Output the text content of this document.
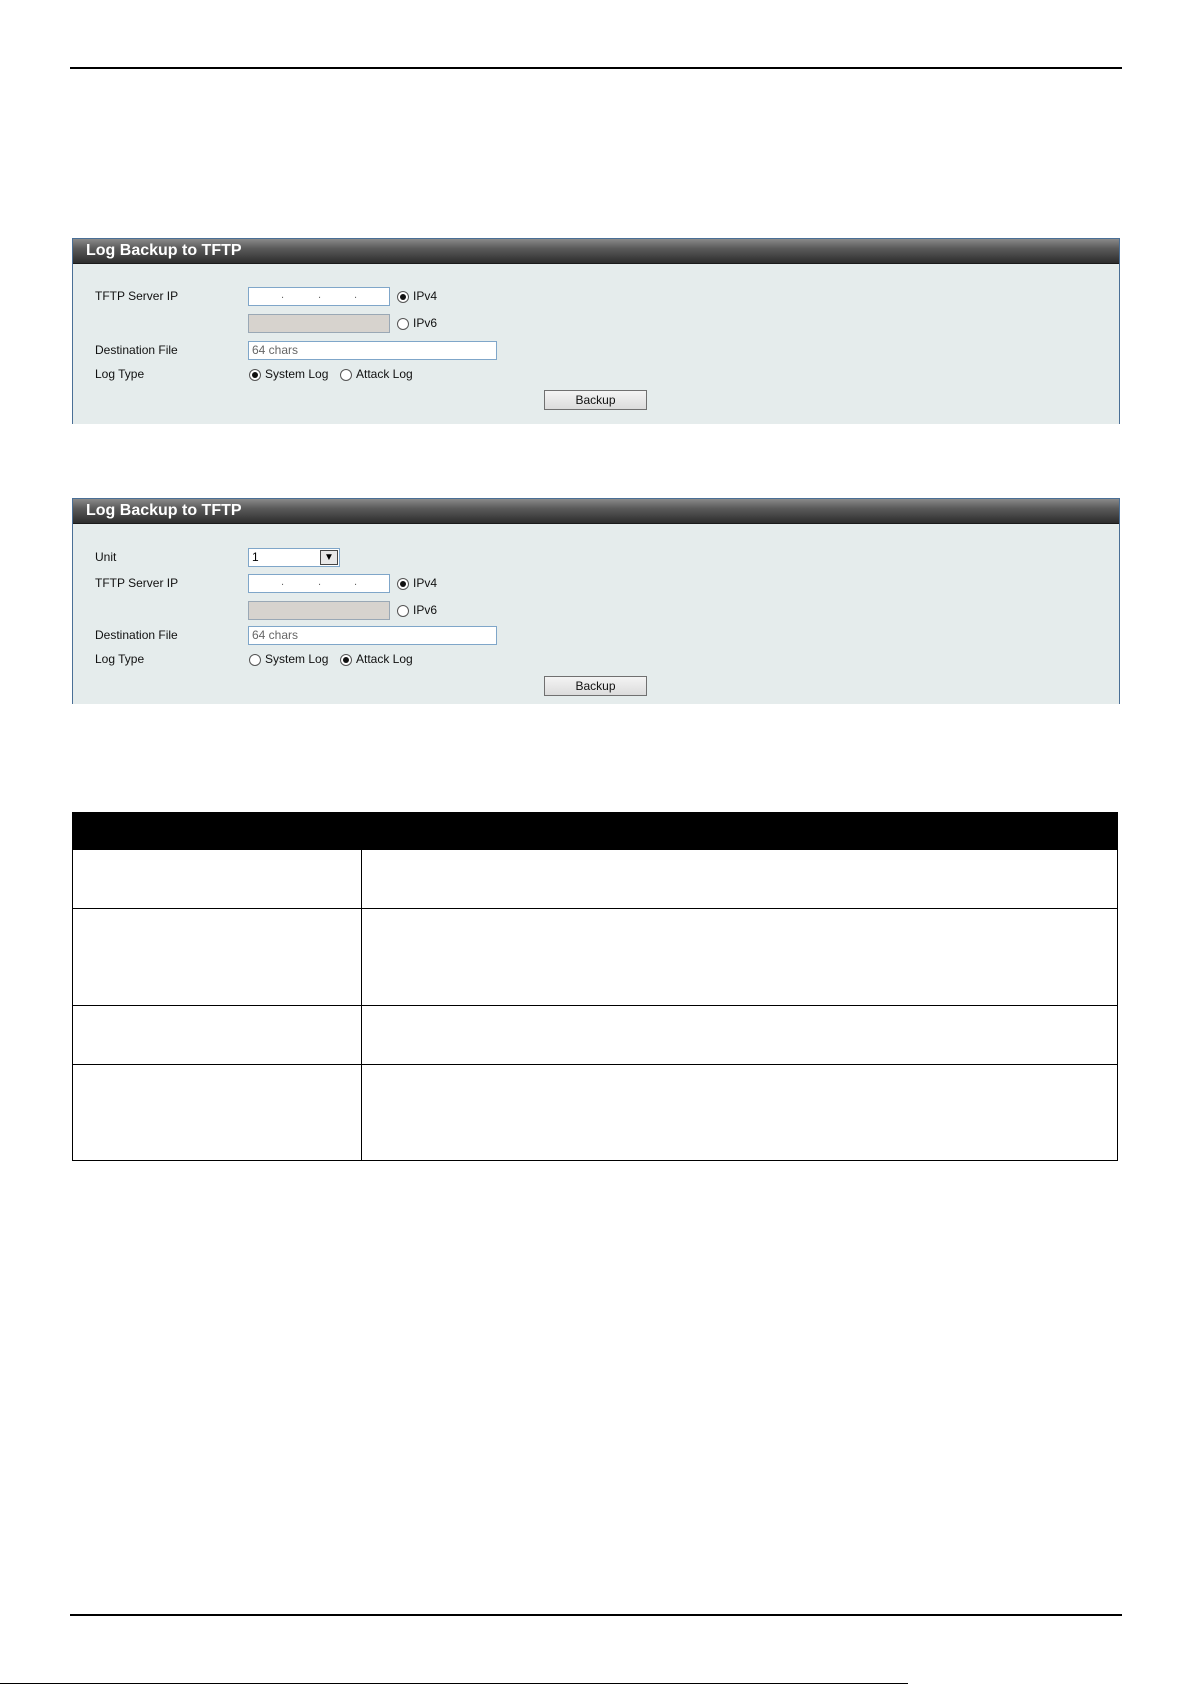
Log Backup to TFTP
TFTP Server IP	.	.	.	IPv4
IPv6
Destination File	64 chars
Log Type	System Log Attack Log
Backup
Log Backup to TFTP
Unit	1	▼
TFTP Server IP	.	.	.	IPv4
IPv6
Destination File	64 chars
Log Type	System Log Attack Log
Backup
